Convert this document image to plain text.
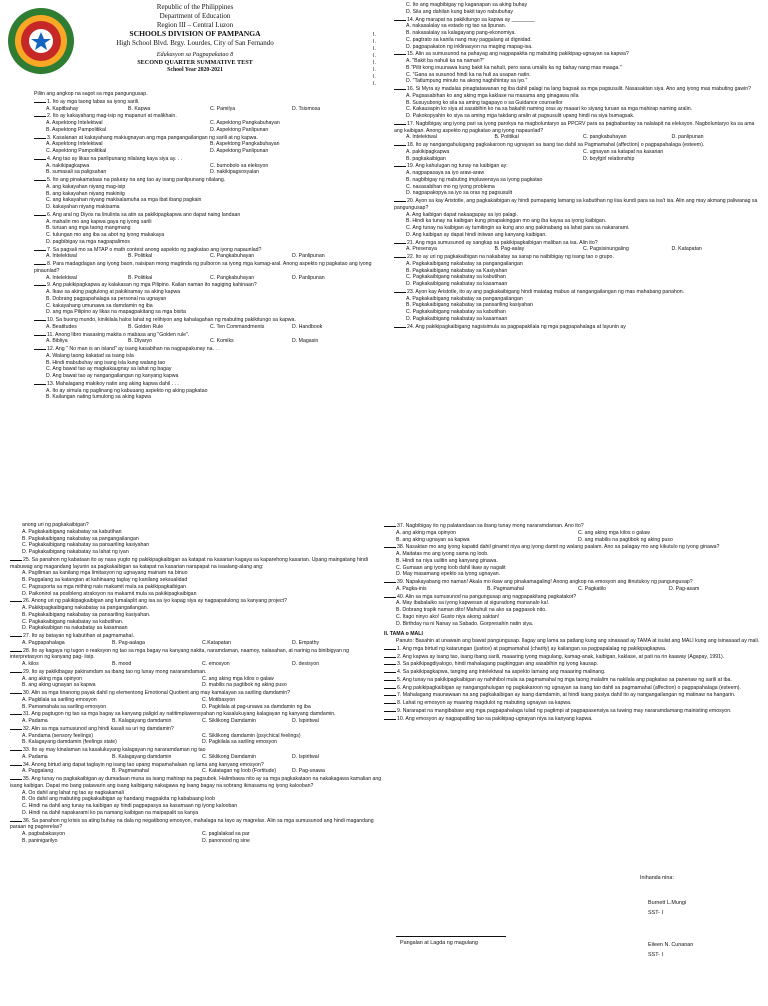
Republic of the Philippines
Department of Education
Region III – Central Luzon
SCHOOLS DIVISION OF PAMPANGA
High School Blvd. Brgy. Lourdes, City of San Fernando
Edukasyon sa Pagpapakatao 8
SECOND QUARTER SUMMATIVE TEST
School Year 2020-2021
Piliin ang angkop na sagot sa mga pangungusap.
1. Ito ay mga taong labas sa iyong sarili.
A. Kapitbahay	B. Kapwa	C. Pamilya	D. Tsismosa
2. Ito ay kakayahang mag-isip ng mapanuri at malikhain.
A. Aspektong Intelektwal	C. Aspektong Pangkabuhayan
B. Aspektong Pampolitikal	D. Aspektong Panlipunan
3. Kasalanan at kakayahang makiugnayan ang mga pangangailangan ng sarili at ng kapwa.
A. Aspektong Intelektwal	B. Aspektong Pangkabuhayan
C. Aspektong Pampolitikal	D. Aspektong Panlipunan
4. Ang tao ay likas na panlipunang nilalang kaya siya ay. . .
A. nakikipagkapwa	C. bumobolo sa eleksyon
B. sumasali sa paligsahan	D. nakikipagsosyalan
5. Ito ang pinakamataas na paluray na ang tao ay isang panlipunang nilalang.
A. ang kakayahan niyang mag-isip
B. ang kakayahan niyang makiniig
C. ang kakayahan niyang makisalamuha sa mga ibat ibang pagkain
D. kakayahan niyang makisama
6. Ang aral ng Diyos na linulinta sa atin sa pakikipagkapwa ano dapat naing landaan
A. mahalin mo ang kapwa gaya ng iyong sarili
B. turuan ang mga taong mangmang
C. tulungan mo ang iba sa abot ng iyong makakaya
D. pagbibigay sa mga nagpapalimos
7. Sa pagsali mo sa MTAP o math contest anong aspekto ng pagkatao ang iyong napaunlad?
A. Intelektwal	B. Politikal	C. Pangkabuhayan	D. Panlipunan
8. Para madagdagan ang iyong baon, naisipan mong magtinda ng pulboron sa iyong mga kamag-aral. Anong aspekto ng pagkatao ang iyong pinaunlad?
A. Intelektwal	B. Politikal	C. Pangkabuhayan	D. Panlipunan
9. Ang pakikipagkapwa ay kalakasan ng mga Pilipino. Kailan naman ito nagiging kahinaan?
A. Ikaw sa aking pagtulong at pakikiramay sa aking kapwa
B. Dobrang pagpapahalaga sa personal na ugnayan
C. kakayahang umunawa sa damdamin ng iba
D. ang mga Pilipino ay likas na mapagpakitang sa mga bisita
10. Sa buong mundo, kinikilala halos lahat ng relihiyon ang kahalagahan ng mabuting pakikitungo sa kapwa.
A. Beatitudes	B. Golden Rule	C. Ten Commandments	D. Handbook
11. Anong libro masasing makita o mabasa ang "Golden rule".
A. Bibliya	B. Diyaryo	C. Komiks	D. Magasin
12. Ang " No man is an island" ay isang kasabihan na nagpapakunay na. . .
A. Walang taong kakatad sa isang isla
B. Hindi mabubuhay ang isang isla kung walang tao
C. Ang bawat tao ay magkakaugnay sa lahat ng bagay
D. Ang bawat tao ay nangangailangan ng kanyang kapwa
13. Mahalagang makikoy natin ang aking kapwa dahil . . .
A. Ito ay simula ng paglinang ng kabuuang aspekto ng aking pagkatao
B. Kailangan nating tumulong sa aking kapwa
C. Ito ang magbibigay ng kaganapan sa aking buhay
D. Sila ang dahilan kung bakit tayo nabubuhay
14. Ang marapat na pakikitungo sa kapwa ay ________
A. nakasalalay sa estado ng tao sa lipunan.
B. nakasalalay sa kalagayang pang-ekonomiya.
C. pagtrato sa kanila nang may paggalang at dignidad.
D. pagpapakaton ng inklinasyon na maging mapag-isa.
15. Alin sa sumusunod na pahayag ang nagpapakita ng mabuting pakikipag-ugnayan sa kapwa?
A. "Bakit ba nahuli ka na naman?"
B."Pilit kong inuunawa kung bakit ka nahuli, pero sana umalis ka ng bahay nang mas maaga."
C. "Gana sa susunod hindi ka na huli sa usapan natin.
D. "Tatlumpung minuto na akong naghihintay sa iyo."
16. Si Myra ay madalas pinagtatawanan ng iba dahil palagi na lang bagsak sa mga pagsusulit. Nasasaktan siya. Ano ang iyong mas mabuting gawin?
A. Pagsasabihan ko ang aking mga kaklase na masama ang ginagawa nila
B. Susuyubong ko sila sa aming tagapayo o sa Guidance counsellor
C. Kakausapin ko siya at sasabihin ko na sa bakahit naming oras ay maaari ko siyang turuan sa mga mahirap naming aralin.
D. Pakokopyahin ko siya sa aming mga takdang aralin at pagsusulit upang hindi na siya bumagsak.
17. Nagbibigay ang iyong pari sa iyong parokya na magboluntaryo sa PPCRV para sa pagbabantay sa nalalapit na eleksyon. Nagboluntaryo ka sa ama ang kaibigan. Anong aspekto ng pagkatao ang iyong napaunlad?
A. Intelektwal	B. Politikal	C. pangkabuhayan	D. panlipunan
18. Ito ay nangangahulugang pagkakaroon ng ugnayan sa isang tao dahil sa Pagmamahal (affection) o pagpapahalaga (esteem).
A. pakikipagkapwa	C. ugnayan sa katapat na kasarian
B. pagkakaibigan	D. boyfgirl relationship
19. Ang kahulugan ng tunay na kaibigan ay:
A. nagpapasaya sa iyo araw-araw
B. nagbibigay ng mabuting impluwensya sa iyong pagkatao
C. nasasabihan mo ng iyong problema
D. nagpapakopya sa iyo sa oras ng pagsusulit
20. Ayon sa kay Aristotle, ang pagkakaibigan ay hindi pumapanig lamang sa kabutihan ng iisa kundi para sa isa't isa. Alin ang may akmang paliwanag sa pangungusap?
A. Ang kaibigan dapat nakaagapay sa iyo palagi.
B. Hindi ka tunay na kaibigan kung pinapakinggan mo ang iba kaysa sa iyong kaibigan.
C. Ang tunay na kaibigan ay tumitingin sa kung ano ang pakinabang sa lahat para sa nakararami.
D. Ang kaibigan ay dapat hindi iniiwan ang kanyang kaibigan.
21. Ang mga sumusunod ay sangkap sa pakikipagkaibigan maliban sa isa. Alin ito?
A. Presensya	B. Pag-aalay	C. Pagsisinungaling	D. Katapatan
22. Ito ay uri ng pagkakaibigan na nakabatay sa sarap na naibibigay ng isang tao o grupo.
A. Pagkakaibigang nakabatay sa pangangailangan
B. Pagkakaibigang nakabatay sa Kasiyahan
C. Pagkakaibigang nakabatay sa kabutihan
D. Pagkakaibigang nakabatay sa kasamaan
23. Ayon kay Aristotle, ito ay ang pagkakaibigang hindi matatag mabuo at nangangailangan ng mas mahabang panahon.
A. Pagkakaibigang nakabatay sa pangangailangan
B. Pagkakaibigang nakabatay sa pansariling kasiyahan
C. Pagkakaibigang nakabatay sa kabutihan
D. Pagkakaibigang nakabatay sa kasamaan
24. Ang pakikipagkaibigang nagsisimula sa pagpapakilala ng mga pagpapahalaga at layunin ay
anong uri ng pagkakaibigan?
A. Pagkakaibigang nakabatay sa kabutihan
B. Pagkakaibigang nakabatay sa pangangailangan
C. Pagkakaibigang nakabatay sa pansariling kasiyahan
D. Pagkakaibigang nakabatay sa lahat ng iyan
25. Sa panahon ng kabataan ito ay nasa yugto ng pakikipagkaibigan sa katapat na kasarian kagaya sa kaparehong kasarian. Upang maingatang hindi mabuwag ang magandang layunin sa pagkakaibigan sa katapat na kasarian narapapat na isaalang-alang ang:
A. Pagiliman sa kanilang mga limitasyon ng ugnayang mainam na binuo
B. Paggalang sa katangian at kahinaang taglay ng kanilang seksualidad
C. Pagsuporta sa mga mithing nais makamit mula sa pakikipagkaibigan
D. Paikonirol sa posibleng atraksyon na makamit mula sa pakikipagkaibigan
26. Anong uri ng pakikipagkaibigan ang lumalaplit ang isa sa iyo kapag siya ay nagpapatulong sa kanyang project?
A. Pakikipagkaibigang nakabatay sa pangangailangan.
B. Pagkakaibigang nakabatay sa pansariling kasiyahan.
C. Pagkakaibigang nakabatay sa kabutihan.
D. Pagkakaibigan na nakabatay sa kasamaan
27. Ito ay batayan ng kabutihan at pagmamahal.
A. Pagpapahalaga	B. Pag-aalaga	C.Katapatan	D. Empathy
28. Ito ay kagaya ng tugon o reaksyon ng tao sa mga bagay na kanyang nakita, naramdaman, naamoy, nalasahan, at narinig na binibigyan ng interpretasyon ng kanyang pag- iisip.
A. kilos	B. mood	C. emosyon	D. desisyon
29. Ito ay pakikibagay pakiramdam sa ibang tao ng lunay mong nararamdaman.
A. ang aking mga opinyon	C. ang aking mga kilos o galaw
B. ang aking ugnayan sa kapwa	D. mabilis na pagtibok ng aking puso
30. Alin sa mga tinanong payak dahil ng elementong Emotional Quotient ang may kamalayan sa sariling damdamin?
A. Pagkilala sa sariling emosyon	C. Motibasyon
B. Pamamahala sa sariling emosyon	D. Pagkilala at pag-unawa sa damdamin ng iba
31. Ang pagtugon ng tao sa mga bagay sa kanyang paligid ay natitimpluwensyahan ng kasalukuyang kalagayan ng kanyang damdamin.
A. Padama	B. Kalagayang damdamin	C. Siklikong Damdamin	D. Ispiritwal
32. Alin sa mga sumusunod ang hindi kasali sa uri ng damdamin?
A. Pandama (sensory feelings)	C. Siklikong damdamin (psychical feelings)
B. Kalagayang damdamin (feelings state)	D. Pagkilala sa sariling emosyon
33. Ito ay may kinalaman sa kasalukuyang kalagayan ng nararamdaman ng tao
A. Padama	B. Kalagayang damdamin	C. Siklikong Damdamin	D. Ispiritwal
34. Anong birtud ang dapat taglayin ng isang tao upang mapamahalaan ng lama ang kanyang emosyon?
A. Paggalang	B. Pagmamahal	C. Katatagan ng loob (Fortitude)	D. Pag-unawa
35. Ang tunay na pagkakaibigan ay dumadaan muna sa isang mahirap na pagsubok. Halimbawa nito ay sa mga pagkakataon na nakakagawa kamalian ang isang kaibigan. Dapat mo bang patawarin ang isang kaibigang nakagawa ng isang bagay na sobrang ikinasama ng iyong kalooban?
A. Oo dahil ang lahat ng tao ay nagkakamali
B. Oo dahil ang mabuting pagkakaibigan ay handang magpakita ng kababaang loob
C. Hindi na dahil ang tunay na kaibigan ay hindi pagpapasya sa kasamaan ng iyong kalooban
D. Hindi na dahil napakarami ko pa namang kaibigan na maipapalit sa kanya
36. Sa panahon ng krisis sa ating buhay na dala ng negatibong emosyon, mahalaga na tayo ay magrelax. Alin sa mga sumusunod ang hindi magandang paraan ng pagrerelax?
A. pagbabakasyon	C. paglalakad sa par
B. paninigarilyo	D. panonood ng sine
37. Nagbibigay ito ng palatandaan sa ibang tunay mong nararamdaman. Ano ito?
A. ang aking mga opinyon	C. ang aking mga kilos o galaw
B. ang aking ugnayan sa kapwa	D. ang mabilis na pagtibok ng aking puso
38. Nasaktan mo ang iyong kapatid dahil ginamit niya ang iyong damit ng walang paalam. Ano sa palagay mo ang kikutulo ng iyong ginawa?
A. Maitatas mo ang iyong sama ng loob.
B. Hindi na niya uulitin ang kanyang ginawa.
C. Gumaan ang iyong loob dahil ikaw ay nagalit
D. May masamang epekto sa iyong ugnayan.
39. Napakayabang mo naman! Akala mo ikaw ang pinakamagaling! Anong angkop na emosyon ang itinutukoy ng pangungusap?
A. Pagka-inis	B. Pagmamahal	C. Pagkatilo	D. Pag-asam
40. Alin sa mga sumusunod na pangungusap ang nagpapakitang pagkatakot?
A. May ibabalaiko sa iyong kapwesan at siguradong mananalo ka!.
B. Dobrang trapik naman dito! Mahuhuli na ako sa pagpasok nito.
C. Itago ninyo ako! Gusto niya akong saktan!
D. Birthday na ni Nanay sa Sabado. Gorpresahin natin siya.
II. TAMA o MALI
Panuto: Basahin at unawain ang bawat pangungusap. Ilagay ang lama sa patlang kung ang sinasaad ay TAMA at isulat ang MALI kung ang isinasaad ay mali.
1. Ang mga birtud ng katarungan (justice) at pagmamahal (charity) ay kailangan sa pagpapalalag ng pakikipagkapwa.
2. Ang kapwa ay isang tao, isang ibang sarili, maaaring iyong magulang, kamag-anak, kaibigan, kaklase, at pati na rin kaaway (Agapay, 1991).
3. Sa pakikipagdiyalogo, hindi mahalagang pagkinggan ang sasabihin ng iyong kausap.
4. Sa pakikipagkapwa, tanging ang intelektwal na aspekto lamang ang maaaring malinang.
5. Ang tunay na pakikipagkaibigan ay nahihibol mula sa pagmamahal ng mga taong malalim na nakilala ang pagkatao sa panenaw ng sarili at iba.
6. Ang pakikipagkaibigan ay nangangahulugan ng pagkakaroon ng ugnayan sa isang tao dahil sa pagmamahal (affection) o pagpapahalaga (esteem).
7. Mahalagang maunawaan na ang pagkakaibigan ay isang damdamin, at hindi isang pasiya dahil ito ay nangangailangan ng matinaw na hangarin.
8. Lahat ng emosyon ay maaring magdulot ng mabuting ugnayan sa kapwa.
9. Nararapat na mangibabaw ang mga pagpapahalaga tulad ng pagtimpi at pagpapasensiya sa tuwing may nararamdamang mainisting emosyon.
10. Ang emosyon ay nagpapatilng tao sa pakikipag-ugnayan niya sa kanyang kapwa.
I.
I.
I.
I.
I.
I.
I.
I.
Inihanda nina:
Burnett L.Mungi
SST- I
Eileen N. Cunanan
SST- I
Pangalan at Lagda ng magulang
